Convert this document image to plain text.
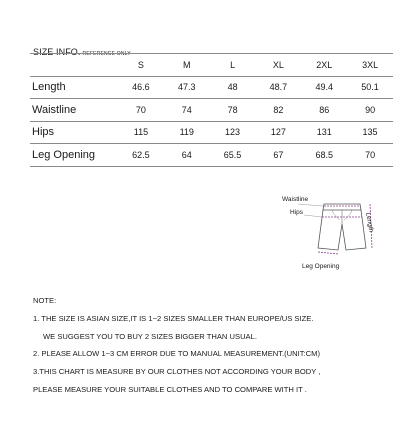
SIZE INFO. REFERENCE ONLY
	S	M	L	XL	2XL	3XL
Length	46.6	47.3	48	48.7	49.4	50.1
Waistline	70	74	78	82	86	90
Hips	115	119	123	127	131	135
Leg Opening	62.5	64	65.5	67	68.5	70
Waistline
Hips	Length
Leg Opening
NOTE:
1. THE SIZE IS ASIAN SIZE,IT IS 1~2 SIZES SMALLER THAN EUROPE/US SIZE.
WE SUGGEST YOU TO BUY 2 SIZES BIGGER THAN USUAL.
2. PLEASE ALLOW 1~3 CM ERROR DUE TO MANUAL MEASUREMENT.(UNIT:CM)
3.THIS CHART IS MEASURE BY OUR CLOTHES NOT ACCORDING YOUR BODY ,
PLEASE MEASURE YOUR SUITABLE CLOTHES AND TO COMPARE WITH IT .
